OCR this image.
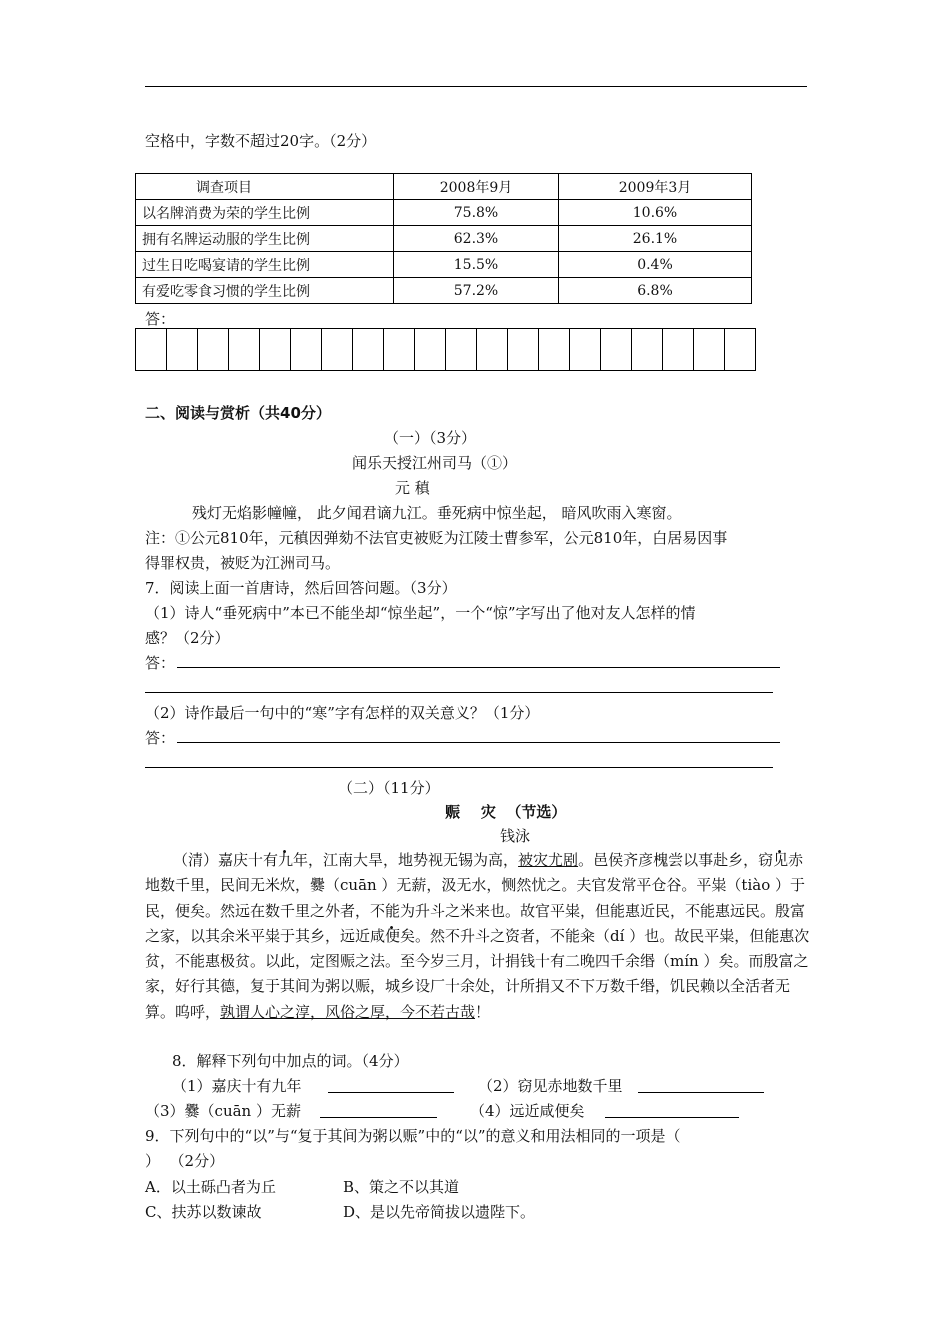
空格中，字数不超过20字。（2分）
调查项目	2008年9月	2009年3月
以名牌消费为荣的学生比例	75.8%	10.6%
拥有名牌运动服的学生比例	62.3%	26.1%
过生日吃喝宴请的学生比例	15.5%	0.4%
有爱吃零食习惯的学生比例	57.2%	6.8%
答：

二、阅读与赏析（共40分）
（一）（3分）
闻乐天授江州司马（①）
元 稹
残灯无焰影幢幢， 此夕闻君谪九江。垂死病中惊坐起， 暗风吹雨入寒窗。
注：①公元810年，元稹因弹劾不法官吏被贬为江陵士曹参军，公元810年，白居易因事
得罪权贵，被贬为江洲司马。
7．阅读上面一首唐诗，然后回答问题。（3分）
（1）诗人“垂死病中”本已不能坐却“惊坐起”，一个“惊”字写出了他对友人怎样的情
感？（2分）
答：
（2）诗作最后一句中的“寒”字有怎样的双关意义？（1分）
答：
（二）（11分）
赈    灾  （节选）
钱泳
（清）嘉庆十有九年，江南大旱，地势视无锡为高，被灾尤剧。邑侯齐彦槐尝以事赴乡，窃见赤地数千里，民间无米炊，爨（cuān ）无薪，汲无水，恻然忧之。夫官发常平仓谷。平粜（tiào ）于民，便矣。然远在数千里之外者，不能为升斗之米来也。故官平粜，但能惠近民，不能惠远民。殷富之家，以其余米平粜于其乡，远近咸便矣。然不升斗之资者，不能籴（dí ）也。故民平粜，但能惠次贫，不能惠极贫。以此，定图赈之法。至今岁三月，计捐钱十有二晚四千余缗（mín ）矣。而殷富之家，好行其德，复于其间为粥以赈，城乡设厂十余处，计所捐又不下万数千缗，饥民赖以全活者无算。呜呼，孰谓人心之淳，风俗之厚，今不若古哉！
8．解释下列句中加点的词。（4分）
（1）嘉庆十有九年	（2）窃见赤地数千里
（3）爨（cuān ）无薪	（4）远近咸便矣
9．下列句中的“以”与“复于其间为粥以赈”中的“以”的意义和用法相同的一项是（
）  （2分）
A．以土砾凸者为丘	B、策之不以其道
C、扶苏以数谏故	D、是以先帝简拔以遗陛下。
